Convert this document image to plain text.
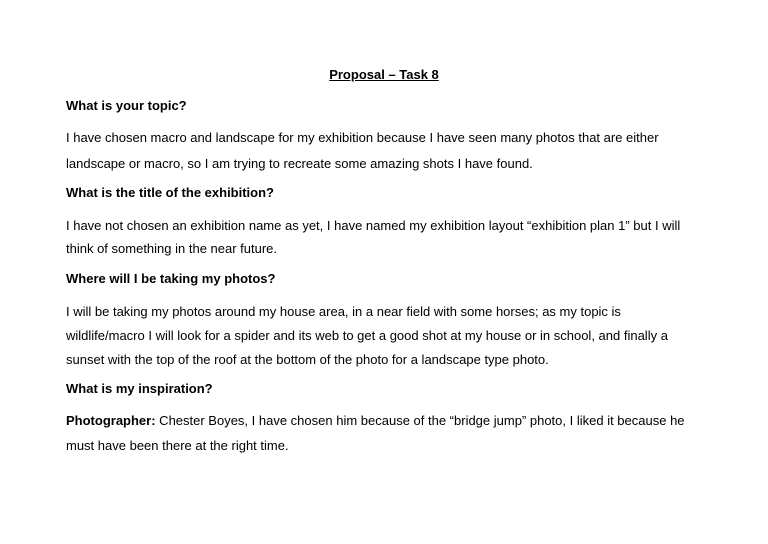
Proposal – Task 8
What is your topic?
I have chosen macro and landscape for my exhibition because I have seen many photos that are either
landscape or macro, so I am trying to recreate some amazing shots I have found.
What is the title of the exhibition?
I have not chosen an exhibition name as yet, I have named my exhibition layout “exhibition plan 1” but I will
think of something in the near future.
Where will I be taking my photos?
I will be taking my photos around my house area, in a near field with some horses; as my topic is
wildlife/macro I will look for a spider and its web to get a good shot at my house or in school, and finally a
sunset with the top of the roof at the bottom of the photo for a landscape type photo.
What is my inspiration?
Photographer: Chester Boyes, I have chosen him because of the “bridge jump” photo, I liked it because he
must have been there at the right time.
